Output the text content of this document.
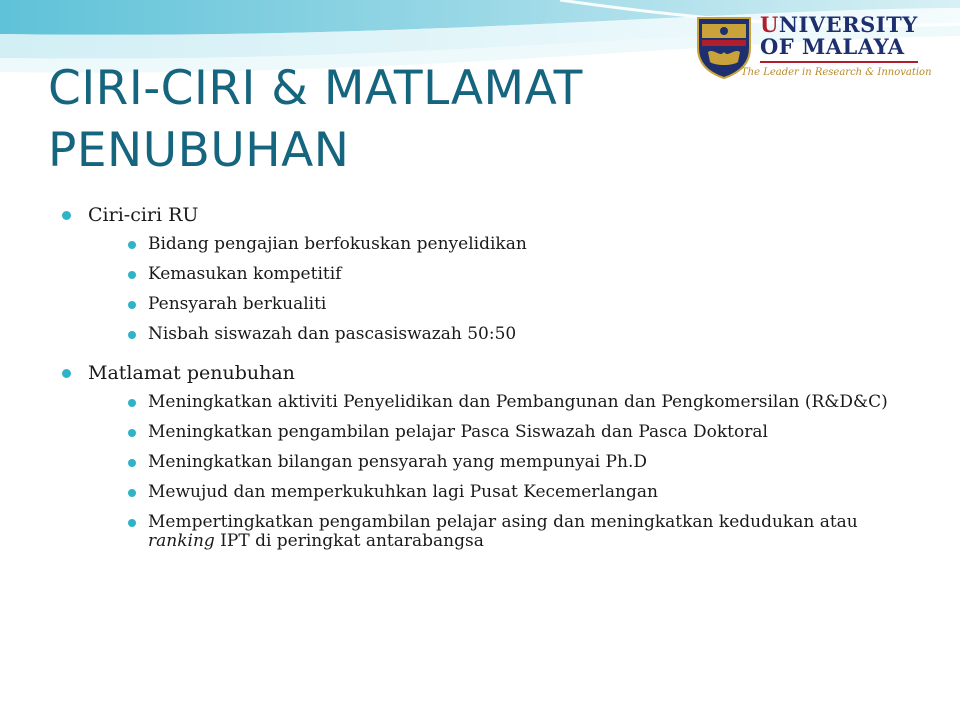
UNIVERSITY
OF MALAYA
The Leader in Research & Innovation
CIRI-CIRI & MATLAMAT
PENUBUHAN
Ciri-ciri RU
Bidang pengajian berfokuskan penyelidikan
Kemasukan kompetitif
Pensyarah berkualiti
Nisbah siswazah dan pascasiswazah 50:50
Matlamat penubuhan
Meningkatkan aktiviti Penyelidikan dan Pembangunan dan Pengkomersilan (R&D&C)
Meningkatkan pengambilan pelajar Pasca Siswazah dan Pasca Doktoral
Meningkatkan bilangan pensyarah yang mempunyai Ph.D
Mewujud dan memperkukuhkan lagi Pusat Kecemerlangan
Mempertingkatkan pengambilan pelajar asing dan meningkatkan kedudukan atau ranking IPT di peringkat antarabangsa
